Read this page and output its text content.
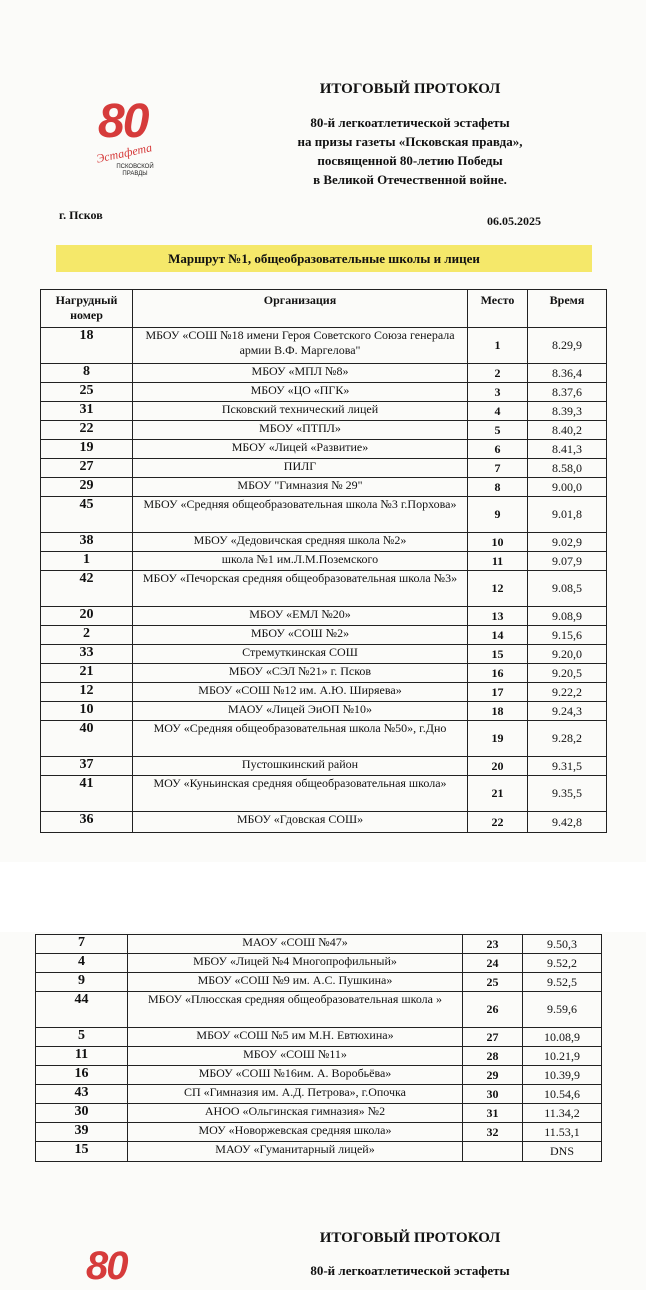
80
Эстафета
ПСКОВСКОЙ ПРАВДЫ
ИТОГОВЫЙ ПРОТОКОЛ
80-й легкоатлетической эстафеты
на призы газеты «Псковская правда»,
посвященной 80-летию Победы
в Великой Отечественной войне.
г. Псков	06.05.2025
Маршрут №1, общеобразовательные школы и лицеи
Нагрудный
номер	Организация	Место	Время
18	МБОУ «СОШ №18 имени Героя Советского Союза генерала армии В.Ф. Маргелова"	1	8.29,9
8	МБОУ «МПЛ №8»	2	8.36,4
25	МБОУ «ЦО «ПГК»	3	8.37,6
31	Псковский технический лицей	4	8.39,3
22	МБОУ «ПТПЛ»	5	8.40,2
19	МБОУ «Лицей «Развитие»	6	8.41,3
27	ПИЛГ	7	8.58,0
29	МБОУ "Гимназия № 29"	8	9.00,0
45	МБОУ «Средняя общеобразовательная школа №3 г.Порхова»	9	9.01,8
38	МБОУ «Дедовичская средняя школа №2»	10	9.02,9
1	школа №1 им.Л.М.Поземского	11	9.07,9
42	МБОУ «Печорская средняя общеобразовательная школа №3»	12	9.08,5
20	МБОУ «ЕМЛ №20»	13	9.08,9
2	МБОУ «СОШ №2»	14	9.15,6
33	Стремуткинская СОШ	15	9.20,0
21	МБОУ «СЭЛ №21» г. Псков	16	9.20,5
12	МБОУ «СОШ №12 им. А.Ю. Ширяева»	17	9.22,2
10	МАОУ «Лицей ЭиОП №10»	18	9.24,3
40	МОУ «Средняя общеобразовательная школа №50», г.Дно	19	9.28,2
37	Пустошкинский район	20	9.31,5
41	МОУ «Куньинская средняя общеобразовательная школа»	21	9.35,5
36	МБОУ «Гдовская СОШ»	22	9.42,8
7	МАОУ «СОШ №47»	23	9.50,3
4	МБОУ «Лицей №4 Многопрофильный»	24	9.52,2
9	МБОУ «СОШ №9 им. А.С. Пушкина»	25	9.52,5
44	МБОУ «Плюсская средняя общеобразовательная школа »	26	9.59,6
5	МБОУ «СОШ №5 им М.Н. Евтюхина»	27	10.08,9
11	МБОУ «СОШ №11»	28	10.21,9
16	МБОУ «СОШ №16им. А. Воробьёва»	29	10.39,9
43	СП «Гимназия им. А.Д. Петрова», г.Опочка	30	10.54,6
30	АНОО «Ольгинская гимназия» №2	31	11.34,2
39	МОУ «Новоржевская средняя школа»	32	11.53,1
15	МАОУ «Гуманитарный лицей»		DNS
80
ИТОГОВЫЙ ПРОТОКОЛ
80-й легкоатлетической эстафеты
